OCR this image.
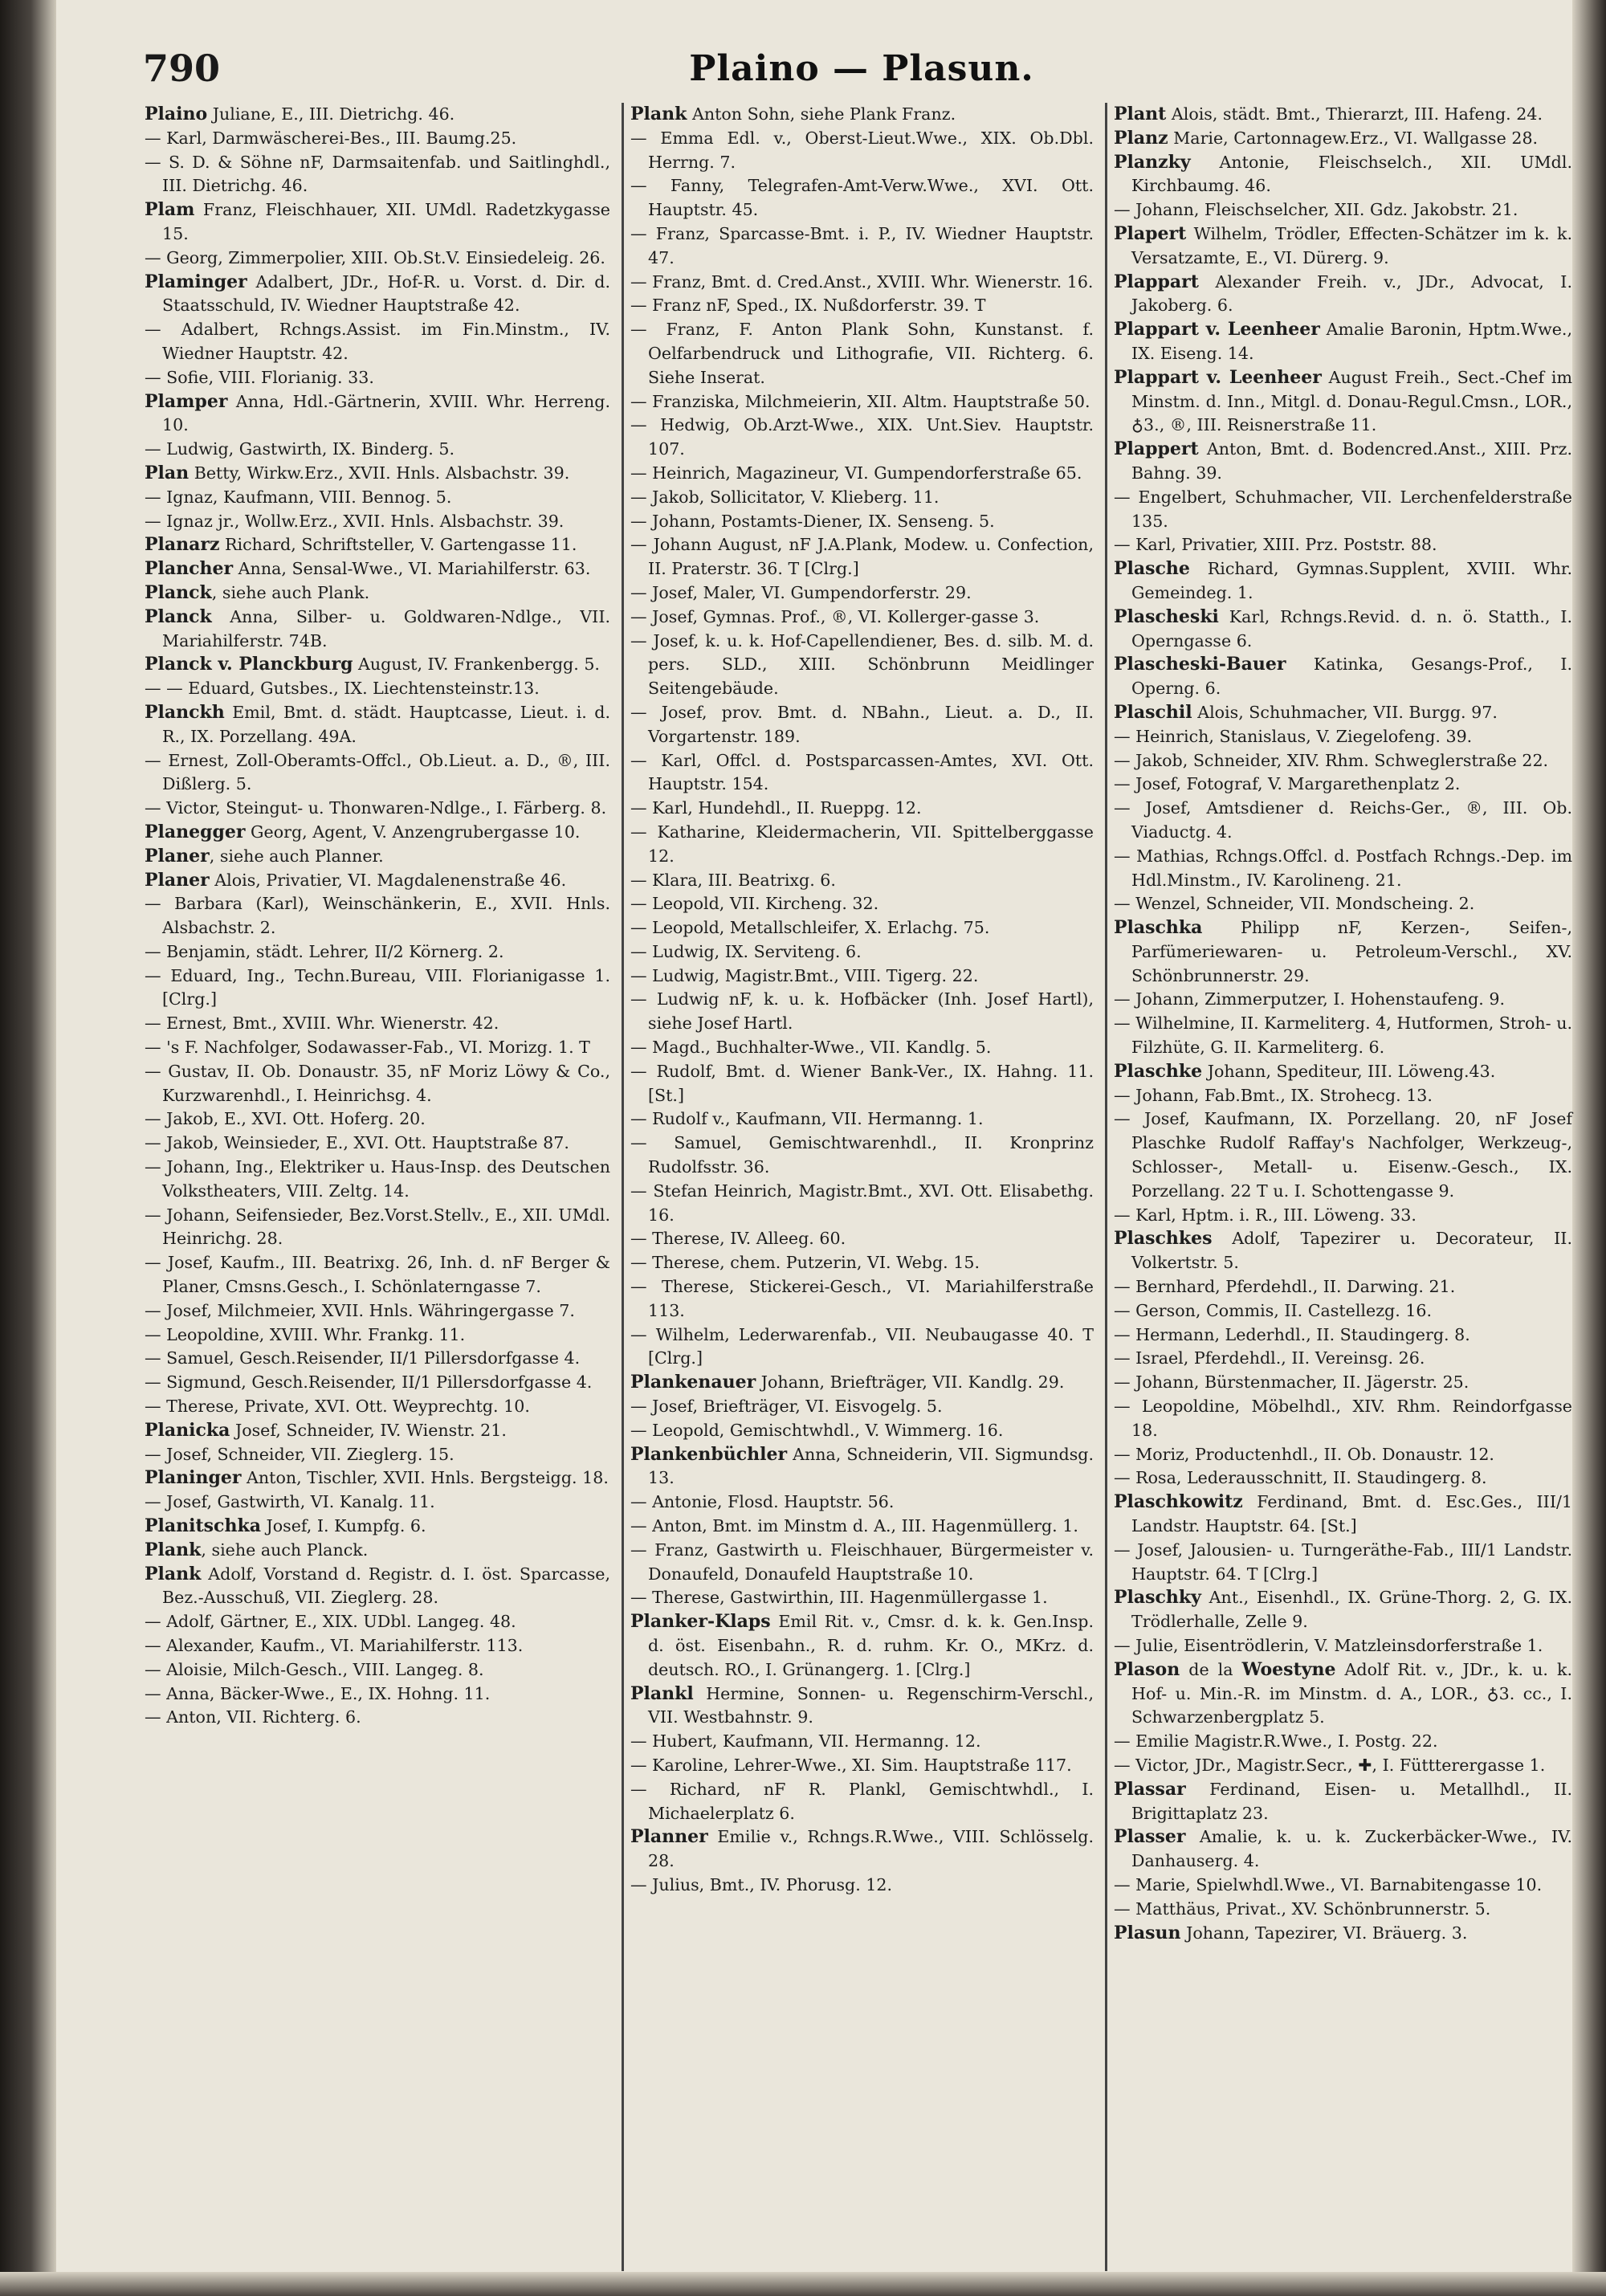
790	Plaino — Plasun.

Plaino Juliane, E., III. Dietrichg. 46.

— Karl, Darmwäscherei-Bes., III. Baumg.25.

— S. D. & Söhne nF, Darmsaitenfab. und Saitlinghdl., III. Dietrichg. 46.

Plam Franz, Fleischhauer, XII. UMdl. Radetzkygasse 15.

— Georg, Zimmerpolier, XIII. Ob.St.V. Einsiedeleig. 26.

Plaminger Adalbert, JDr., Hof-R. u. Vorst. d. Dir. d. Staatsschuld, IV. Wiedner Hauptstraße 42.

— Adalbert, Rchngs.Assist. im Fin.Minstm., IV. Wiedner Hauptstr. 42.

— Sofie, VIII. Florianig. 33.

Plamper Anna, Hdl.-Gärtnerin, XVIII. Whr. Herreng. 10.

— Ludwig, Gastwirth, IX. Binderg. 5.

Plan Betty, Wirkw.Erz., XVII. Hnls. Alsbachstr. 39.

— Ignaz, Kaufmann, VIII. Bennog. 5.

— Ignaz jr., Wollw.Erz., XVII. Hnls. Alsbachstr. 39.

Planarz Richard, Schriftsteller, V. Gartengasse 11.

Plancher Anna, Sensal-Wwe., VI. Mariahilferstr. 63.

Planck, siehe auch Plank.

Planck Anna, Silber- u. Goldwaren-Ndlge., VII. Mariahilferstr. 74B.

Planck v. Planckburg August, IV. Frankenbergg. 5.

— — Eduard, Gutsbes., IX. Liechtensteinstr.13.

Planckh Emil, Bmt. d. städt. Hauptcasse, Lieut. i. d. R., IX. Porzellang. 49A.

— Ernest, Zoll-Oberamts-Offcl., Ob.Lieut. a. D., ®, III. Dißlerg. 5.

— Victor, Steingut- u. Thonwaren-Ndlge., I. Färberg. 8.

Planegger Georg, Agent, V. Anzengrubergasse 10.

Planer, siehe auch Planner.

Planer Alois, Privatier, VI. Magdalenenstraße 46.

— Barbara (Karl), Weinschänkerin, E., XVII. Hnls. Alsbachstr. 2.

— Benjamin, städt. Lehrer, II/2 Körnerg. 2.

— Eduard, Ing., Techn.Bureau, VIII. Florianigasse 1. [Clrg.]

— Ernest, Bmt., XVIII. Whr. Wienerstr. 42.

— 's F. Nachfolger, Sodawasser-Fab., VI. Morizg. 1. T

— Gustav, II. Ob. Donaustr. 35, nF Moriz Löwy & Co., Kurzwarenhdl., I. Heinrichsg. 4.

— Jakob, E., XVI. Ott. Hoferg. 20.

— Jakob, Weinsieder, E., XVI. Ott. Hauptstraße 87.

— Johann, Ing., Elektriker u. Haus-Insp. des Deutschen Volkstheaters, VIII. Zeltg. 14.

— Johann, Seifensieder, Bez.Vorst.Stellv., E., XII. UMdl. Heinrichg. 28.

— Josef, Kaufm., III. Beatrixg. 26, Inh. d. nF Berger & Planer, Cmsns.Gesch., I. Schönlaterngasse 7.

— Josef, Milchmeier, XVII. Hnls. Währingergasse 7.

— Leopoldine, XVIII. Whr. Frankg. 11.

— Samuel, Gesch.Reisender, II/1 Pillersdorfgasse 4.

— Sigmund, Gesch.Reisender, II/1 Pillersdorfgasse 4.

— Therese, Private, XVI. Ott. Weyprechtg. 10.

Planicka Josef, Schneider, IV. Wienstr. 21.

— Josef, Schneider, VII. Zieglerg. 15.

Planinger Anton, Tischler, XVII. Hnls. Bergsteigg. 18.

— Josef, Gastwirth, VI. Kanalg. 11.

Planitschka Josef, I. Kumpfg. 6.

Plank, siehe auch Planck.

Plank Adolf, Vorstand d. Registr. d. I. öst. Sparcasse, Bez.-Ausschuß, VII. Zieglerg. 28.

— Adolf, Gärtner, E., XIX. UDbl. Langeg. 48.

— Alexander, Kaufm., VI. Mariahilferstr. 113.

— Aloisie, Milch-Gesch., VIII. Langeg. 8.

— Anna, Bäcker-Wwe., E., IX. Hohng. 11.

— Anton, VII. Richterg. 6.

Plank Anton Sohn, siehe Plank Franz.

— Emma Edl. v., Oberst-Lieut.Wwe., XIX. Ob.Dbl. Herrng. 7.

— Fanny, Telegrafen-Amt-Verw.Wwe., XVI. Ott. Hauptstr. 45.

— Franz, Sparcasse-Bmt. i. P., IV. Wiedner Hauptstr. 47.

— Franz, Bmt. d. Cred.Anst., XVIII. Whr. Wienerstr. 16.

— Franz nF, Sped., IX. Nußdorferstr. 39. T

— Franz, F. Anton Plank Sohn, Kunstanst. f. Oelfarbendruck und Lithografie, VII. Richterg. 6. Siehe Inserat.

— Franziska, Milchmeierin, XII. Altm. Hauptstraße 50.

— Hedwig, Ob.Arzt-Wwe., XIX. Unt.Siev. Hauptstr. 107.

— Heinrich, Magazineur, VI. Gumpendorferstraße 65.

— Jakob, Sollicitator, V. Klieberg. 11.

— Johann, Postamts-Diener, IX. Senseng. 5.

— Johann August, nF J.A.Plank, Modew. u. Confection, II. Praterstr. 36. T [Clrg.]

— Josef, Maler, VI. Gumpendorferstr. 29.

— Josef, Gymnas. Prof., ®, VI. Kollerger-gasse 3.

— Josef, k. u. k. Hof-Capellendiener, Bes. d. silb. M. d. pers. SLD., XIII. Schönbrunn Meidlinger Seitengebäude.

— Josef, prov. Bmt. d. NBahn., Lieut. a. D., II. Vorgartenstr. 189.

— Karl, Offcl. d. Postsparcassen-Amtes, XVI. Ott. Hauptstr. 154.

— Karl, Hundehdl., II. Rueppg. 12.

— Katharine, Kleidermacherin, VII. Spittelberggasse 12.

— Klara, III. Beatrixg. 6.

— Leopold, VII. Kircheng. 32.

— Leopold, Metallschleifer, X. Erlachg. 75.

— Ludwig, IX. Serviteng. 6.

— Ludwig, Magistr.Bmt., VIII. Tigerg. 22.

— Ludwig nF, k. u. k. Hofbäcker (Inh. Josef Hartl), siehe Josef Hartl.

— Magd., Buchhalter-Wwe., VII. Kandlg. 5.

— Rudolf, Bmt. d. Wiener Bank-Ver., IX. Hahng. 11. [St.]

— Rudolf v., Kaufmann, VII. Hermanng. 1.

— Samuel, Gemischtwarenhdl., II. Kronprinz Rudolfsstr. 36.

— Stefan Heinrich, Magistr.Bmt., XVI. Ott. Elisabethg. 16.

— Therese, IV. Alleeg. 60.

— Therese, chem. Putzerin, VI. Webg. 15.

— Therese, Stickerei-Gesch., VI. Mariahilferstraße 113.

— Wilhelm, Lederwarenfab., VII. Neubaugasse 40. T [Clrg.]

Plankenauer Johann, Briefträger, VII. Kandlg. 29.

— Josef, Briefträger, VI. Eisvogelg. 5.

— Leopold, Gemischtwhdl., V. Wimmerg. 16.

Plankenbüchler Anna, Schneiderin, VII. Sigmundsg. 13.

— Antonie, Flosd. Hauptstr. 56.

— Anton, Bmt. im Minstm d. A., III. Hagenmüllerg. 1.

— Franz, Gastwirth u. Fleischhauer, Bürgermeister v. Donaufeld, Donaufeld Hauptstraße 10.

— Therese, Gastwirthin, III. Hagenmüllergasse 1.

Planker-Klaps Emil Rit. v., Cmsr. d. k. k. Gen.Insp. d. öst. Eisenbahn., R. d. ruhm. Kr. O., MKrz. d. deutsch. RO., I. Grünangerg. 1. [Clrg.]

Plankl Hermine, Sonnen- u. Regenschirm-Verschl., VII. Westbahnstr. 9.

— Hubert, Kaufmann, VII. Hermanng. 12.

— Karoline, Lehrer-Wwe., XI. Sim. Hauptstraße 117.

— Richard, nF R. Plankl, Gemischtwhdl., I. Michaelerplatz 6.

Planner Emilie v., Rchngs.R.Wwe., VIII. Schlösselg. 28.

— Julius, Bmt., IV. Phorusg. 12.

Plant Alois, städt. Bmt., Thierarzt, III. Hafeng. 24.

Planz Marie, Cartonnagew.Erz., VI. Wallgasse 28.

Planzky Antonie, Fleischselch., XII. UMdl. Kirchbaumg. 46.

— Johann, Fleischselcher, XII. Gdz. Jakobstr. 21.

Plapert Wilhelm, Trödler, Effecten-Schätzer im k. k. Versatzamte, E., VI. Dürerg. 9.

Plappart Alexander Freih. v., JDr., Advocat, I. Jakoberg. 6.

Plappart v. Leenheer Amalie Baronin, Hptm.Wwe., IX. Eiseng. 14.

Plappart v. Leenheer August Freih., Sect.-Chef im Minstm. d. Inn., Mitgl. d. Donau-Regul.Cmsn., LOR., ♁3., ®, III. Reisnerstraße 11.

Plappert Anton, Bmt. d. Bodencred.Anst., XIII. Prz. Bahng. 39.

— Engelbert, Schuhmacher, VII. Lerchenfelderstraße 135.

— Karl, Privatier, XIII. Prz. Poststr. 88.

Plasche Richard, Gymnas.Supplent, XVIII. Whr. Gemeindeg. 1.

Plascheski Karl, Rchngs.Revid. d. n. ö. Statth., I. Operngasse 6.

Plascheski-Bauer Katinka, Gesangs-Prof., I. Operng. 6.

Plaschil Alois, Schuhmacher, VII. Burgg. 97.

— Heinrich, Stanislaus, V. Ziegelofeng. 39.

— Jakob, Schneider, XIV. Rhm. Schweglerstraße 22.

— Josef, Fotograf, V. Margarethenplatz 2.

— Josef, Amtsdiener d. Reichs-Ger., ®, III. Ob. Viaductg. 4.

— Mathias, Rchngs.Offcl. d. Postfach Rchngs.-Dep. im Hdl.Minstm., IV. Karolineng. 21.

— Wenzel, Schneider, VII. Mondscheing. 2.

Plaschka Philipp nF, Kerzen-, Seifen-, Parfümeriewaren- u. Petroleum-Verschl., XV. Schönbrunnerstr. 29.

— Johann, Zimmerputzer, I. Hohenstaufeng. 9.

— Wilhelmine, II. Karmeliterg. 4, Hutformen, Stroh- u. Filzhüte, G. II. Karmeliterg. 6.

Plaschke Johann, Spediteur, III. Löweng.43.

— Johann, Fab.Bmt., IX. Strohecg. 13.

— Josef, Kaufmann, IX. Porzellang. 20, nF Josef Plaschke Rudolf Raffay's Nachfolger, Werkzeug-, Schlosser-, Metall- u. Eisenw.-Gesch., IX. Porzellang. 22 T u. I. Schottengasse 9.

— Karl, Hptm. i. R., III. Löweng. 33.

Plaschkes Adolf, Tapezirer u. Decorateur, II. Volkertstr. 5.

— Bernhard, Pferdehdl., II. Darwing. 21.

— Gerson, Commis, II. Castellezg. 16.

— Hermann, Lederhdl., II. Staudingerg. 8.

— Israel, Pferdehdl., II. Vereinsg. 26.

— Johann, Bürstenmacher, II. Jägerstr. 25.

— Leopoldine, Möbelhdl., XIV. Rhm. Reindorfgasse 18.

— Moriz, Productenhdl., II. Ob. Donaustr. 12.

— Rosa, Lederausschnitt, II. Staudingerg. 8.

Plaschkowitz Ferdinand, Bmt. d. Esc.Ges., III/1 Landstr. Hauptstr. 64. [St.]

— Josef, Jalousien- u. Turngeräthe-Fab., III/1 Landstr. Hauptstr. 64. T [Clrg.]

Plaschky Ant., Eisenhdl., IX. Grüne-Thorg. 2, G. IX. Trödlerhalle, Zelle 9.

— Julie, Eisentrödlerin, V. Matzleinsdorferstraße 1.

Plason de la Woestyne Adolf Rit. v., JDr., k. u. k. Hof- u. Min.-R. im Minstm. d. A., LOR., ♁3. cc., I. Schwarzenbergplatz 5.

— Emilie Magistr.R.Wwe., I. Postg. 22.

— Victor, JDr., Magistr.Secr., ✚, I. Füttterergasse 1.

Plassar Ferdinand, Eisen- u. Metallhdl., II. Brigittaplatz 23.

Plasser Amalie, k. u. k. Zuckerbäcker-Wwe., IV. Danhauserg. 4.

— Marie, Spielwhdl.Wwe., VI. Barnabitengasse 10.

— Matthäus, Privat., XV. Schönbrunnerstr. 5.

Plasun Johann, Tapezirer, VI. Bräuerg. 3.
